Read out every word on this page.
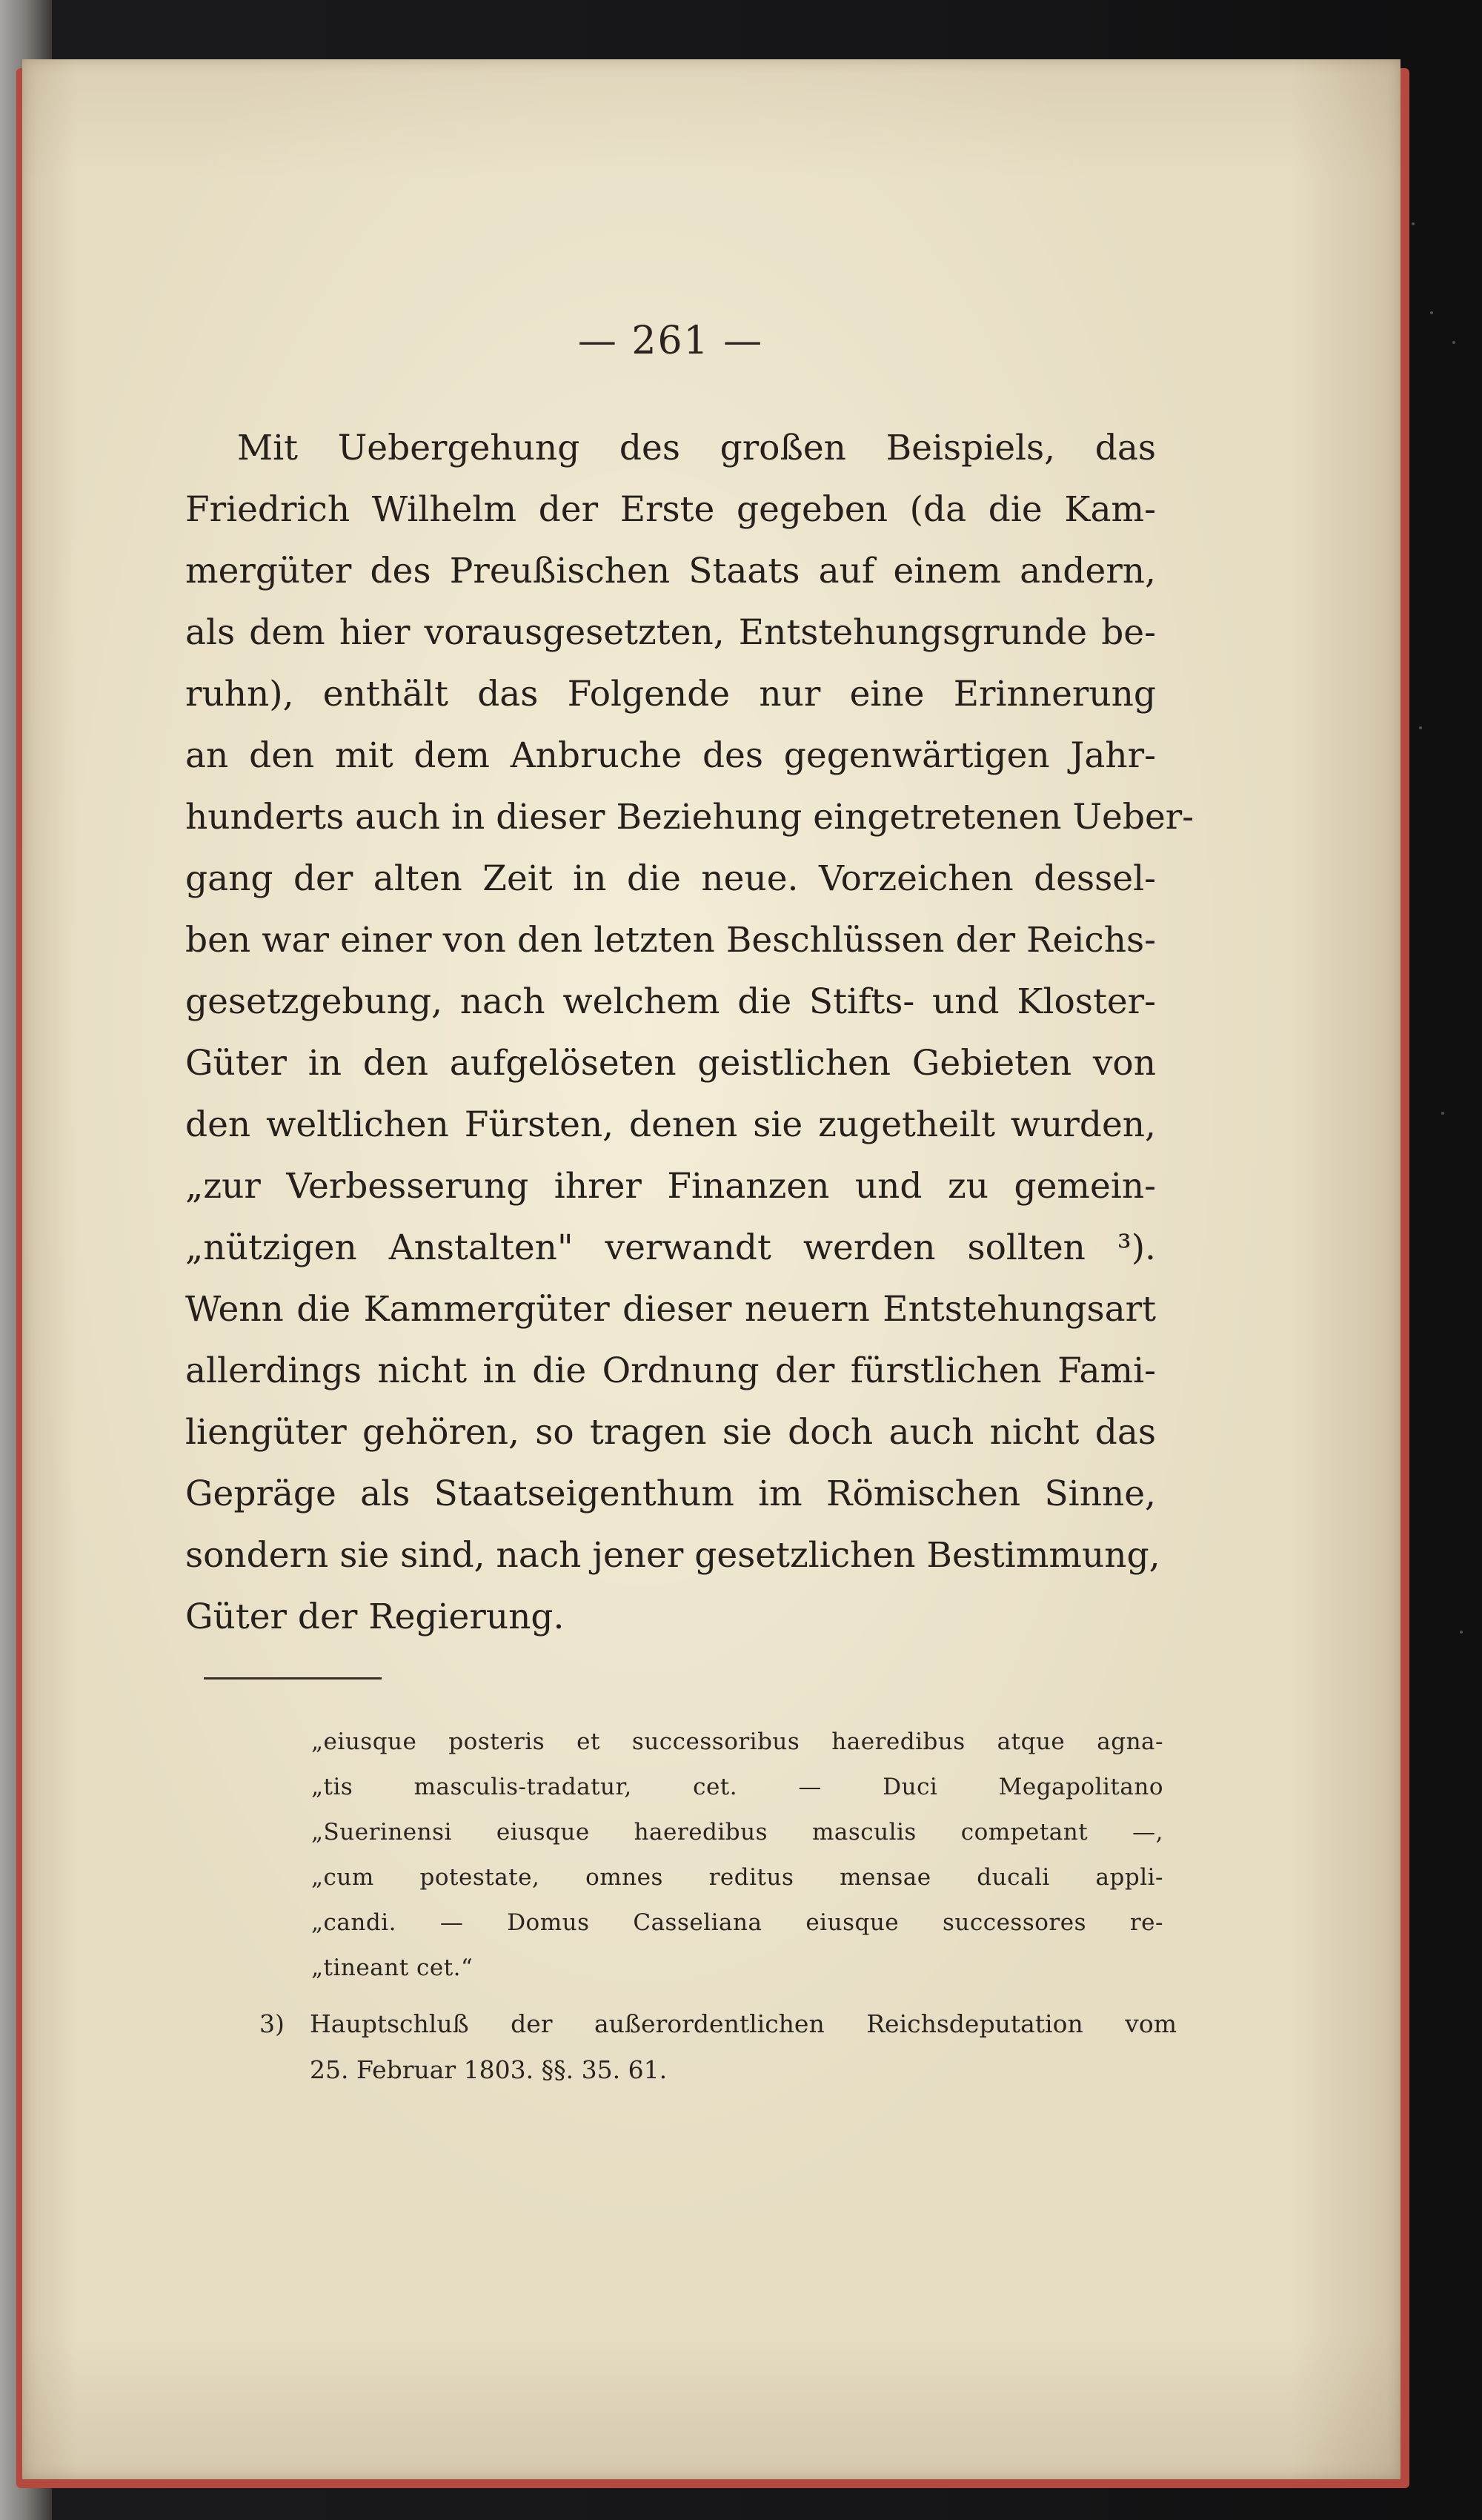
— 261 —
Mit Uebergehung des großen Beispiels, das
Friedrich Wilhelm der Erste gegeben (da die Kam-
mergüter des Preußischen Staats auf einem andern,
als dem hier vorausgesetzten, Entstehungsgrunde be-
ruhn), enthält das Folgende nur eine Erinnerung
an den mit dem Anbruche des gegenwärtigen Jahr-
hunderts auch in dieser Beziehung eingetretenen Ueber-
gang der alten Zeit in die neue. Vorzeichen dessel-
ben war einer von den letzten Beschlüssen der Reichs-
gesetzgebung, nach welchem die Stifts- und Kloster-
Güter in den aufgelöseten geistlichen Gebieten von
den weltlichen Fürsten, denen sie zugetheilt wurden,
„zur Verbesserung ihrer Finanzen und zu gemein-
„nützigen Anstalten" verwandt werden sollten ³).
Wenn die Kammergüter dieser neuern Entstehungsart
allerdings nicht in die Ordnung der fürstlichen Fami-
liengüter gehören, so tragen sie doch auch nicht das
Gepräge als Staatseigenthum im Römischen Sinne,
sondern sie sind, nach jener gesetzlichen Bestimmung,
Güter der Regierung.
„eiusque posteris et successoribus haeredibus atque agna-
„tis masculis-tradatur, cet. — Duci Megapolitano
„Suerinensi eiusque haeredibus masculis competant —,
„cum potestate, omnes reditus mensae ducali appli-
„candi. — Domus Casseliana eiusque successores re-
„tineant cet.“
3) Hauptschluß der außerordentlichen Reichsdeputation vom
25. Februar 1803. §§. 35. 61.
